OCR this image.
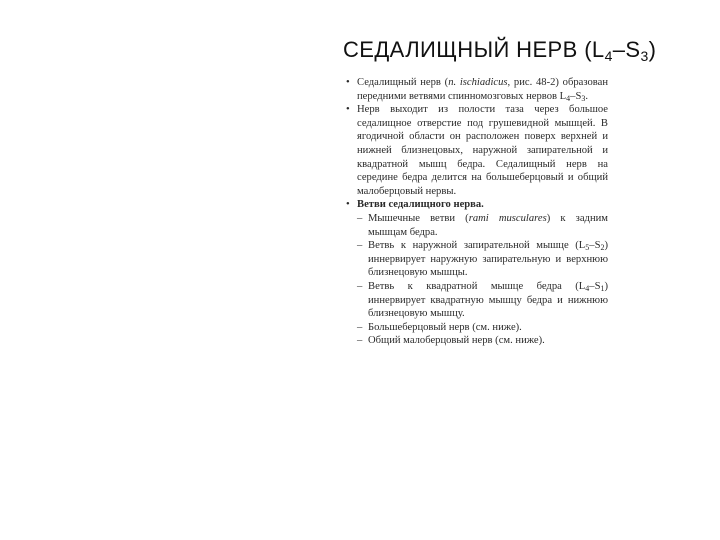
СЕДАЛИЩНЫЙ НЕРВ $(L_4-S_3)$

• Седалищный нерв (n. ischiadicus, рис. 48-2) образован передними ветвями спинномозговых нервов $L_4-S_3$.

• Нерв выходит из полости таза через большое седалищное отверстие под грушевидной мышцей. В ягодичной области он расположен поверх верхней и нижней близнецовых, наружной запирательной и квадратной мышц бедра. Седалищный нерв на середине бедра делится на большеберцовый и общий малоберцовый нервы.

• Ветви седалищного нерва.
– Мышечные ветви (rami musculares) к задним мышцам бедра.
– Ветвь к наружной запирательной мышце $(L_5-S_2)$ иннервирует наружную запирательную и верхнюю близнецовую мышцы.
– Ветвь к квадратной мышце бедра $(L_4-S_1)$ иннервирует квадратную мышцу бедра и нижнюю близнецовую мышцу.
– Большеберцовый нерв (см. ниже).
– Общий малоберцовый нерв (см. ниже).
